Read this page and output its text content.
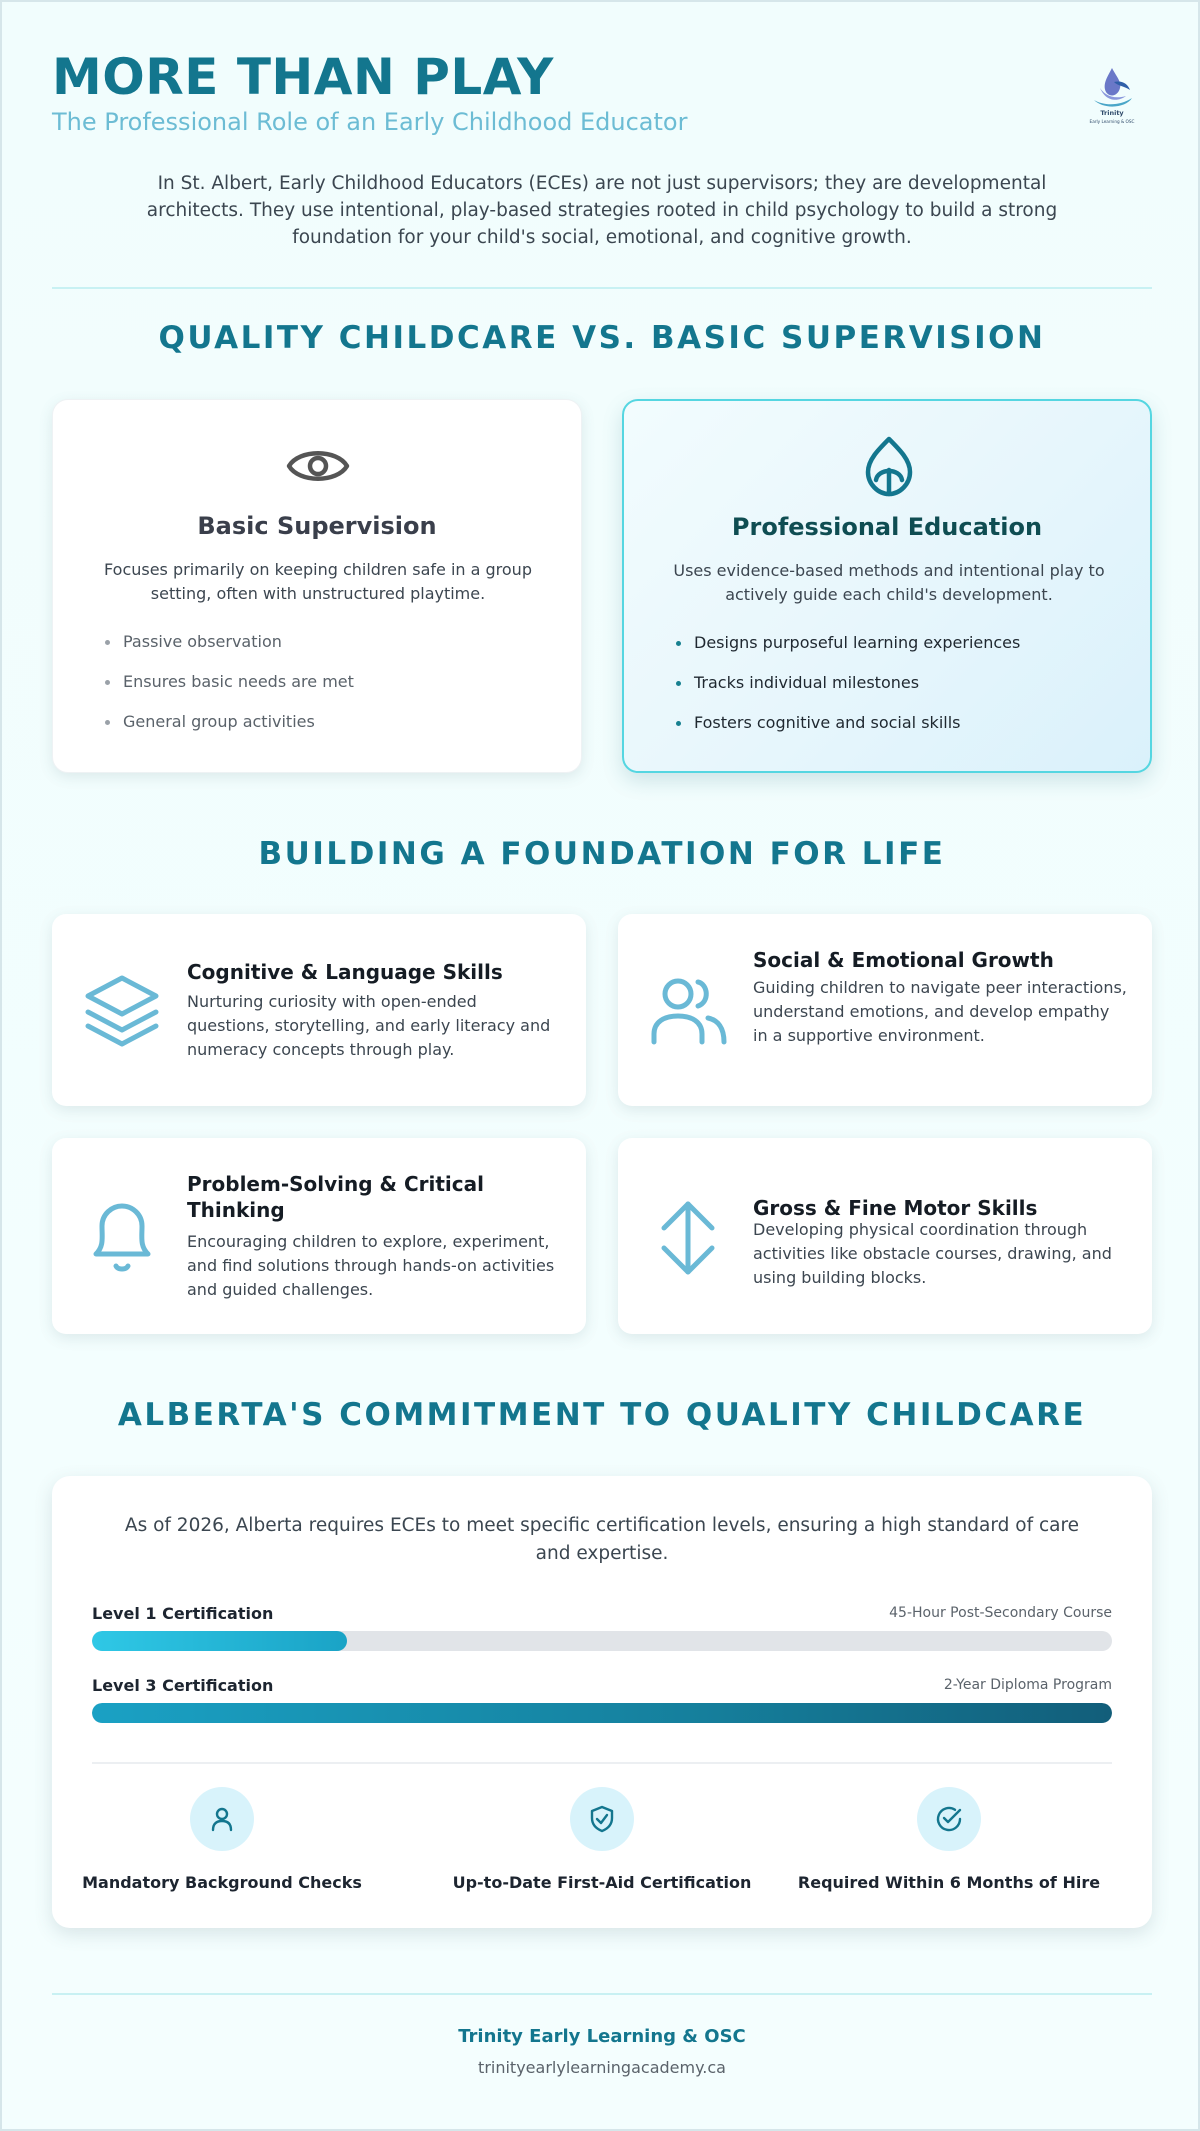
MORE THAN PLAY
The Professional Role of an Early Childhood Educator	Trinity
Early Learning & OSC
In St. Albert, Early Childhood Educators (ECEs) are not just supervisors; they are developmental architects. They use intentional, play-based strategies rooted in child psychology to build a strong foundation for your child's social, emotional, and cognitive growth.
QUALITY CHILDCARE VS. BASIC SUPERVISION
Basic Supervision
Focuses primarily on keeping children safe in a group setting, often with unstructured playtime.
Passive observation
Ensures basic needs are met
General group activities
Professional Education
Uses evidence-based methods and intentional play to actively guide each child's development.
Designs purposeful learning experiences
Tracks individual milestones
Fosters cognitive and social skills
BUILDING A FOUNDATION FOR LIFE
Cognitive & Language Skills
Nurturing curiosity with open-ended questions, storytelling, and early literacy and numeracy concepts through play.
Social & Emotional Growth
Guiding children to navigate peer interactions, understand emotions, and develop empathy in a supportive environment.
Problem-Solving & Critical Thinking
Encouraging children to explore, experiment, and find solutions through hands-on activities and guided challenges.
Gross & Fine Motor Skills
Developing physical coordination through activities like obstacle courses, drawing, and using building blocks.
ALBERTA'S COMMITMENT TO QUALITY CHILDCARE
As of 2026, Alberta requires ECEs to meet specific certification levels, ensuring a high standard of care and expertise.
Level 1 Certification	45-Hour Post-Secondary Course
Level 3 Certification	2-Year Diploma Program
Mandatory Background Checks	Up-to-Date First-Aid Certification	Required Within 6 Months of Hire
Trinity Early Learning & OSC
trinityearlylearningacademy.ca
